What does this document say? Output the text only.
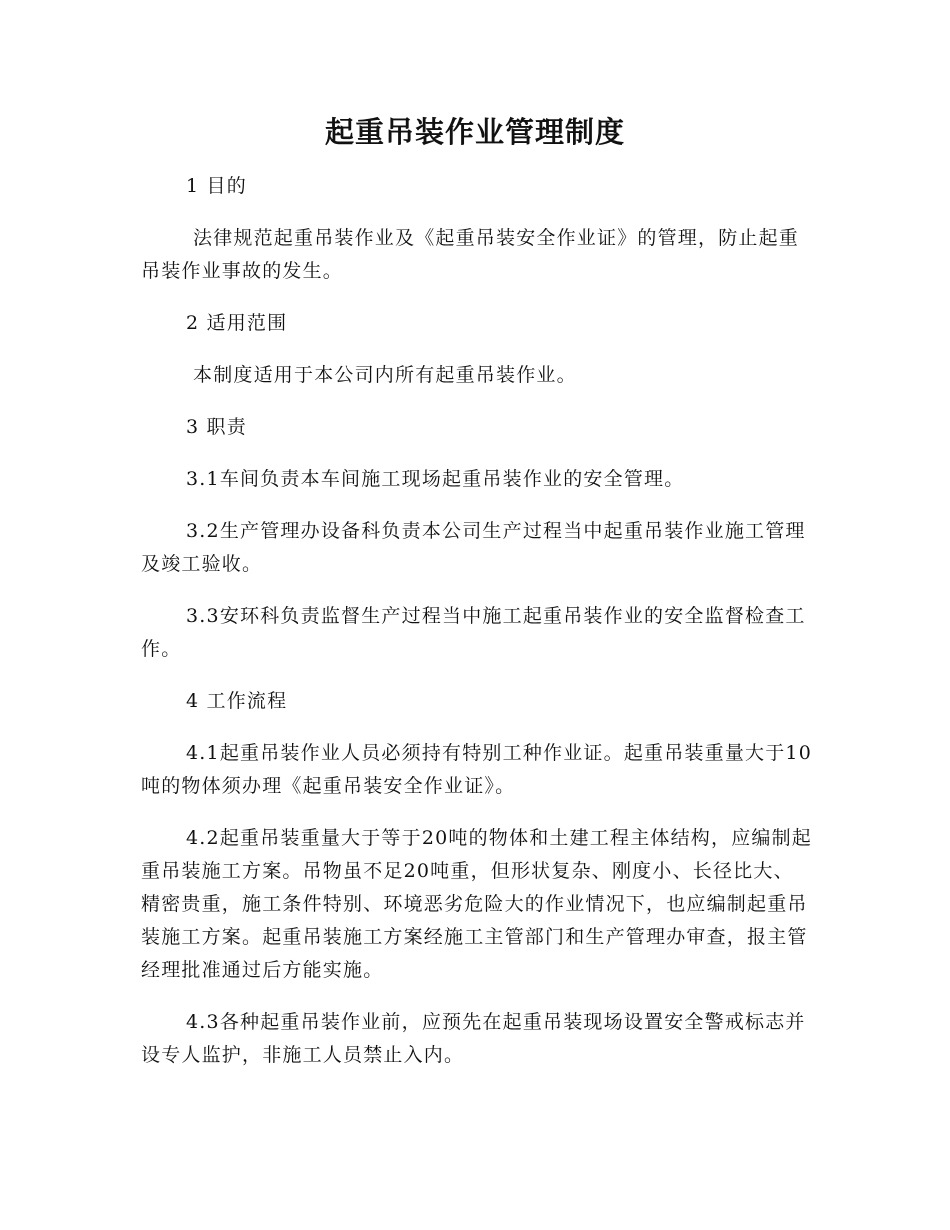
起重吊装作业管理制度

1 目的

法律规范起重吊装作业及《起重吊装安全作业证》的管理，防止起重吊装作业事故的发生。

2 适用范围

本制度适用于本公司内所有起重吊装作业。

3 职责

3.1车间负责本车间施工现场起重吊装作业的安全管理。

3.2生产管理办设备科负责本公司生产过程当中起重吊装作业施工管理及竣工验收。

3.3安环科负责监督生产过程当中施工起重吊装作业的安全监督检查工作。

4 工作流程

4.1起重吊装作业人员必须持有特别工种作业证。起重吊装重量大于10吨的物体须办理《起重吊装安全作业证》。

4.2起重吊装重量大于等于20吨的物体和土建工程主体结构，应编制起重吊装施工方案。吊物虽不足20吨重，但形状复杂、刚度小、长径比大、精密贵重，施工条件特别、环境恶劣危险大的作业情况下，也应编制起重吊装施工方案。起重吊装施工方案经施工主管部门和生产管理办审查，报主管经理批准通过后方能实施。

4.3各种起重吊装作业前，应预先在起重吊装现场设置安全警戒标志并设专人监护，非施工人员禁止入内。
